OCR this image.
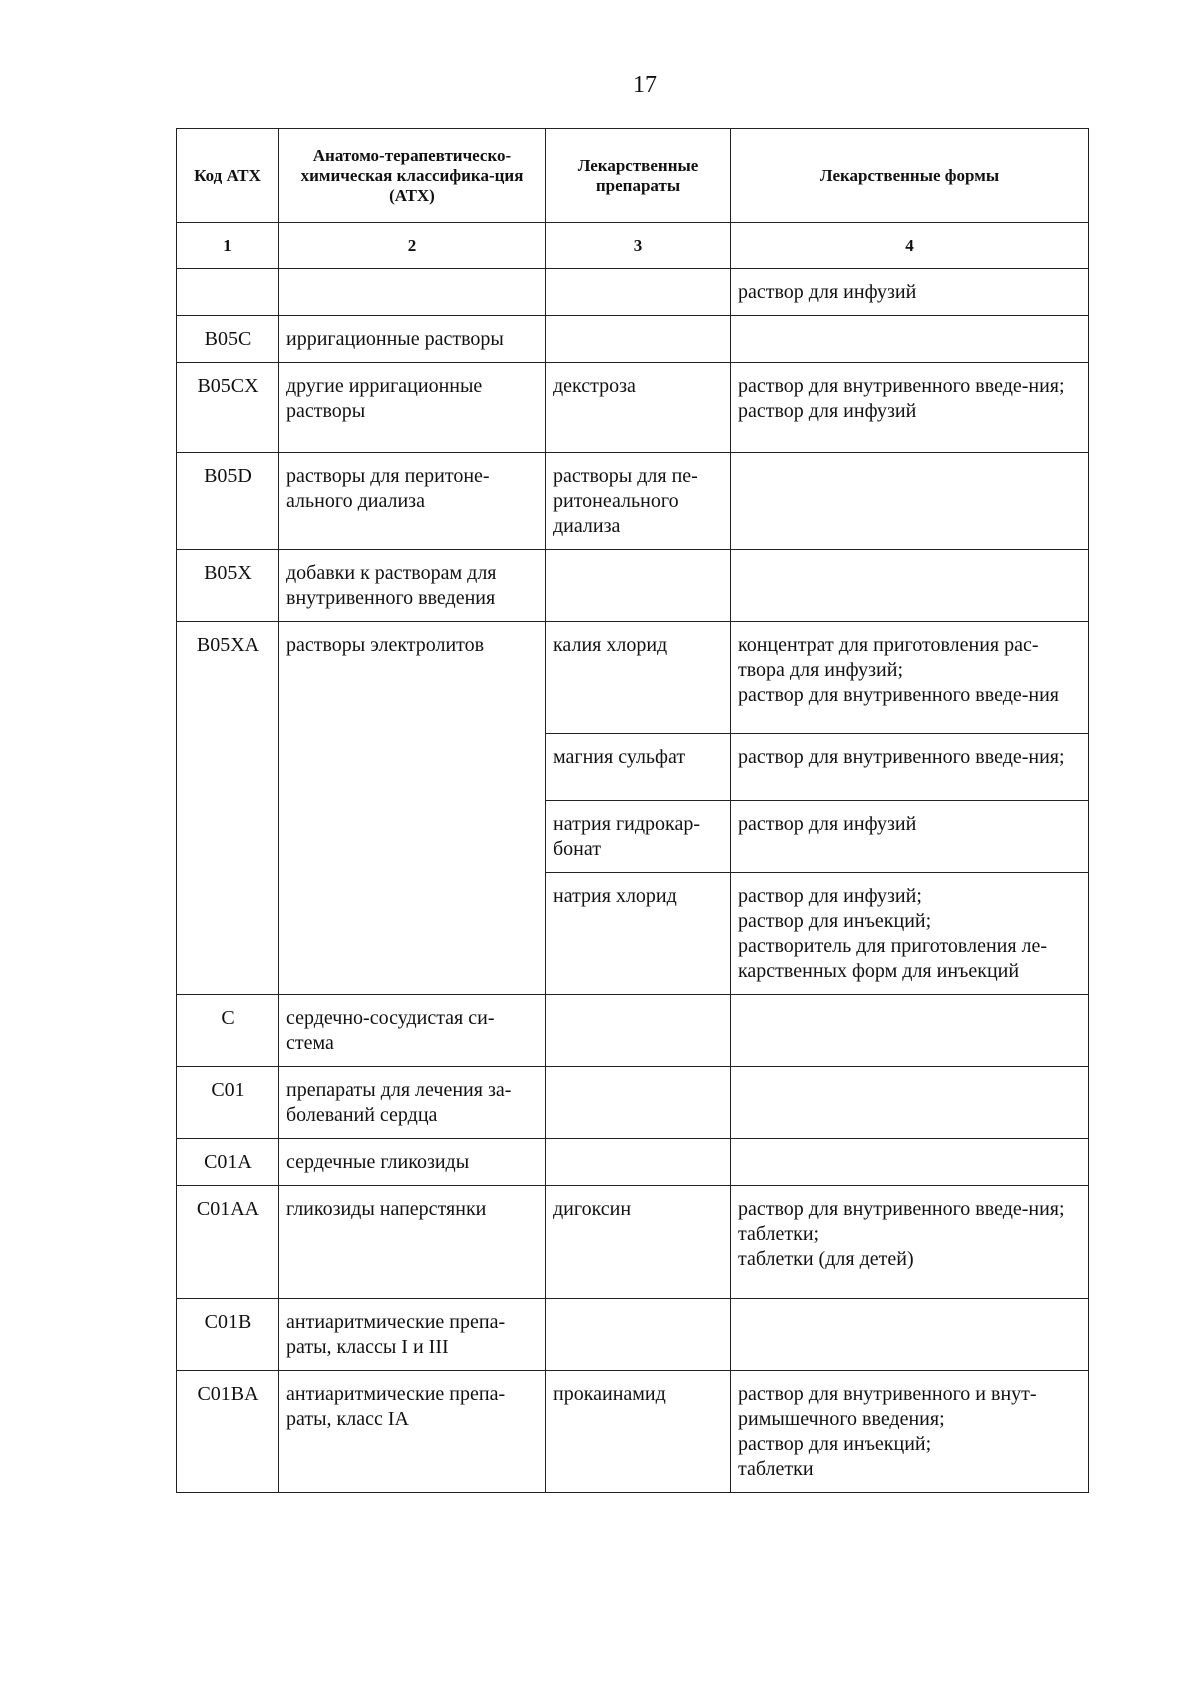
17
Код АТХ	Анатомо-терапевтическо-химическая классифика-ция (АТХ)	Лекарственные препараты	Лекарственные формы
1	2	3	4

			раствор для инфузий

B05C	ирригационные растворы		
B05CX	другие ирригационные растворы	декстроза	раствор для внутривенного введе-ния;
раствор для инфузий

B05D	растворы для перитоне-ального диализа	растворы для пе-ритонеального диализа	
B05X	добавки к растворам для внутривенного введения		
B05XA	растворы электролитов	калия хлорид	концентрат для приготовления рас-твора для инфузий;
раствор для внутривенного введе-ния

		магния сульфат	раствор для внутривенного введе-ния;

		натрия гидрокар-бонат	раствор для инфузий

		натрия хлорид	раствор для инфузий;
раствор для инъекций;
растворитель для приготовления ле-карственных форм для инъекций

C	сердечно-сосудистая си-стема		
C01	препараты для лечения за-болеваний сердца		
C01A	сердечные гликозиды		
C01AA	гликозиды наперстянки	дигоксин	раствор для внутривенного введе-ния;
таблетки;
таблетки (для детей)

C01B	антиаритмические препа-раты, классы I и III		
C01BA	антиаритмические препа-раты, класс IA	прокаинамид	раствор для внутривенного и внут-римышечного введения;
раствор для инъекций;
таблетки
